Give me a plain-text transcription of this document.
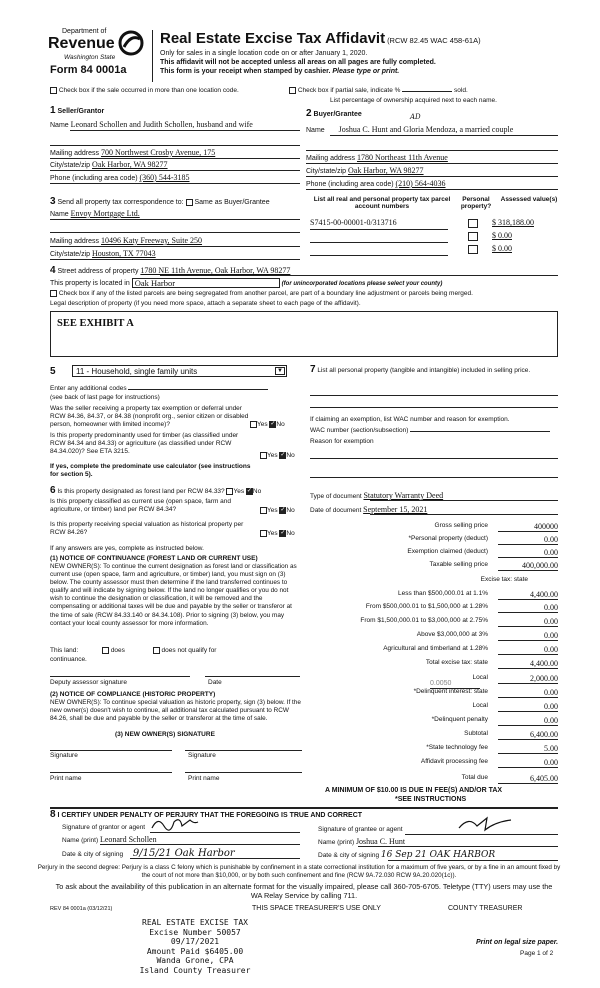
Department of
Revenue
Washington State
Form 84 0001a
Real Estate Excise Tax Affidavit (RCW 82.45 WAC 458-61A)
Only for sales in a single location code on or after January 1, 2020.
This affidavit will not be accepted unless all areas on all pages are fully completed.
This form is your receipt when stamped by cashier. Please type or print.
Check box if the sale occurred in more than one location code.	Check box if partial sale, indicate %	sold.
List percentage of ownership acquired next to each name.
1 Seller/Grantor
Name Leonard Schollen and Judith Schollen, husband and wife
Mailing address 700 Northwest Crosby Avenue, 175
City/state/zip Oak Harbor, WA 98277
Phone (including area code) (360) 544-3185
2 Buyer/Grantee	AD
Name Joshua C. Hunt and Gloria Mendoza, a married couple
Mailing address 1780 Northeast 11th Avenue
City/state/zip Oak Harbor, WA 98277
Phone (including area code) (210) 564-4036
3 Send all property tax correspondence to: Same as Buyer/Grantee
Name Envoy Mortgage Ltd.
Mailing address 10496 Katy Freeway, Suite 250
City/state/zip Houston, TX 77043
List all real and personal property tax parcel account numbers
Personal property?
Assessed value(s)
S7415-00-00001-0/313716	$ 318,188.00
$ 0.00
$ 0.00
4 Street address of property 1780 NE 11th Avenue, Oak Harbor, WA 98277
This property is located in Oak Harbor	(for unincorporated locations please select your county)
Check box if any of the listed parcels are being segregated from another parcel, are part of a boundary line adjustment or parcels being merged.
Legal description of property (if you need more space, attach a separate sheet to each page of the affidavit).
SEE EXHIBIT A
5	11 - Household, single family units	▼
Enter any additional codes
(see back of last page for instructions)
Was the seller receiving a property tax exemption or deferral under RCW 84.36, 84.37, or 84.38 (nonprofit org., senior citizen or disabled person, homeowner with limited income)?	Yes ✓No
Is this property predominantly used for timber (as classified under RCW 84.34 and 84.33) or agriculture (as classified under RCW 84.34.020)? See ETA 3215.
Yes ✓No
If yes, complete the predominate use calculator (see instructions for section 5).
6 Is this property designated as forest land per RCW 84.33? Yes ✓No
Is this property classified as current use (open space, farm and agriculture, or timber) land per RCW 84.34?	Yes ✓No
Is this property receiving special valuation as historical property per RCW 84.26?	Yes ✓No
If any answers are yes, complete as instructed below.
(1) NOTICE OF CONTINUANCE (FOREST LAND OR CURRENT USE)
NEW OWNER(S): To continue the current designation as forest land or classification as current use (open space, farm and agriculture, or timber) land, you must sign on (3) below. The county assessor must then determine if the land transferred continues to qualify and will indicate by signing below. If the land no longer qualifies or you do not wish to continue the designation or classification, it will be removed and the compensating or additional taxes will be due and payable by the seller or transferor at the time of sale (RCW 84.33.140 or 84.34.108). Prior to signing (3) below, you may contact your local county assessor for more information.
This land:	does	does not qualify for
continuance.
Deputy assessor signature	Date
(2) NOTICE OF COMPLIANCE (HISTORIC PROPERTY)
NEW OWNER(S): To continue special valuation as historic property, sign (3) below. If the new owner(s) doesn't wish to continue, all additional tax calculated pursuant to RCW 84.26, shall be due and payable by the seller or transferor at the time of sale.
(3) NEW OWNER(S) SIGNATURE
Signature	Signature
Print name	Print name
7 List all personal property (tangible and intangible) included in selling price.
If claiming an exemption, list WAC number and reason for exemption.
WAC number (section/subsection)
Reason for exemption
Type of document Statutory Warranty Deed
Date of document September 15, 2021
Gross selling price	400000
*Personal property (deduct)	0.00
Exemption claimed (deduct)	0.00
Taxable selling price	400,000.00
Excise tax: state
Less than $500,000.01 at 1.1%	4,400.00
From $500,000.01 to $1,500,000 at 1.28%	0.00
From $1,500,000.01 to $3,000,000 at 2.75%	0.00
Above $3,000,000 at 3%	0.00
Agricultural and timberland at 1.28%	0.00
Total excise tax: state	4,400.00
Local	2,000.00
*Delinquent interest: state	0.00
Local	0.00
*Delinquent penalty	0.00
Subtotal	6,400.00
*State technology fee	5.00
Affidavit processing fee	0.00
Total due	6,405.00
0.0050
A MINIMUM OF $10.00 IS DUE IN FEE(S) AND/OR TAX
*SEE INSTRUCTIONS
8 I CERTIFY UNDER PENALTY OF PERJURY THAT THE FOREGOING IS TRUE AND CORRECT
Signature of grantor or agent
Name (print) Leonard Schollen
Date & city of signing 9/15/21 Oak Harbor
Signature of grantee or agent
Name (print) Joshua C. Hunt
Date & city of signing 16 Sep 21 OAK HARBOR
Perjury in the second degree: Perjury is a class C felony which is punishable by confinement in a state correctional institution for a maximum of five years, or by a fine in an amount fixed by the court of not more than $10,000, or by both such confinement and fine (RCW 9A.72.030 RCW 9A.20.020(1c)).
To ask about the availability of this publication in an alternate format for the visually impaired, please call 360-705-6705. Teletype (TTY) users may use the WA Relay Service by calling 711.
REV 84 0001a (03/12/21)	THIS SPACE TREASURER'S USE ONLY	COUNTY TREASURER
REAL ESTATE EXCISE TAX
Excise Number 50057
09/17/2021
Amount Paid $6405.00
Wanda Grone, CPA
Island County Treasurer
Print on legal size paper.
Page 1 of 2
